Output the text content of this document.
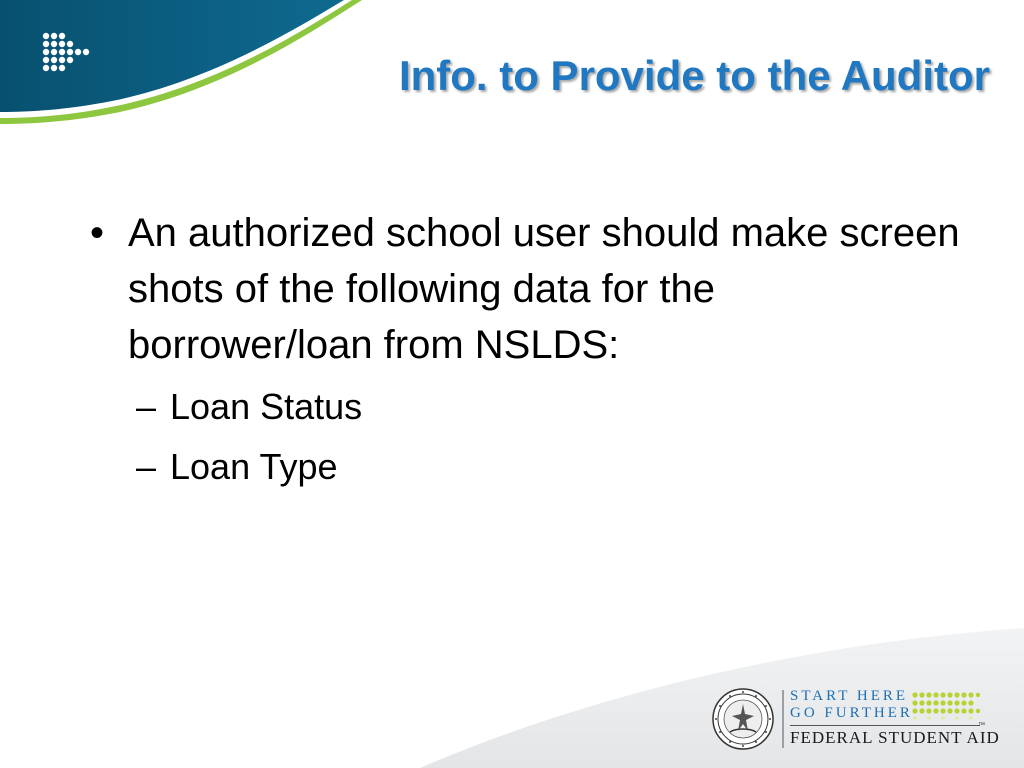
Info. to Provide to the Auditor
• An authorized school user should make screen shots of the following data for the borrower/loan from NSLDS:
– Loan Status
– Loan Type
START HERE
GO FURTHER
FEDERAL STUDENT AID
™
